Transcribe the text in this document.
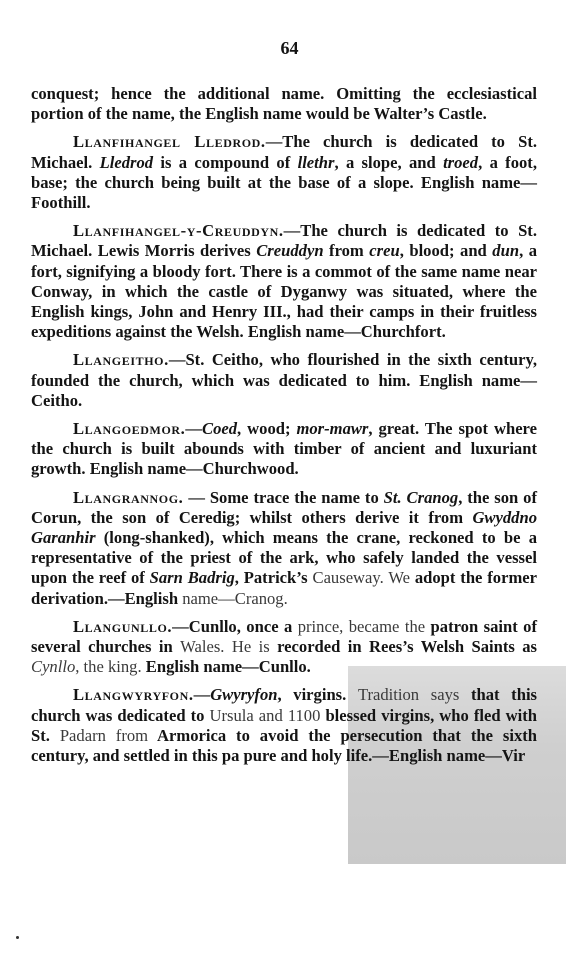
64

conquest; hence the additional name. Omitting the ecclesiastical portion of the name, the English name would be Walter’s Castle.

Llanfihangel Lledrod.—The church is dedicated to St. Michael. Lledrod is a compound of llethr, a slope, and troed, a foot, base; the church being built at the base of a slope. English name—Foothill.

Llanfihangel-y-Creuddyn.—The church is dedicated to St. Michael. Lewis Morris derives Creuddyn from creu, blood; and dun, a fort, signifying a bloody fort. There is a commot of the same name near Conway, in which the castle of Dyganwy was situated, where the English kings, John and Henry III., had their camps in their fruitless expeditions against the Welsh. English name—Churchfort.

Llangeitho.—St. Ceitho, who flourished in the sixth century, founded the church, which was dedicated to him. English name—Ceitho.

Llangoedmor.—Coed, wood; mor-mawr, great. The spot where the church is built abounds with timber of ancient and luxuriant growth. English name—Churchwood.

Llangrannog. — Some trace the name to St. Cranog, the son of Corun, the son of Ceredig; whilst others derive it from Gwyddno Garanhir (long-shanked), which means the crane, reckoned to be a representative of the priest of the ark, who safely landed the vessel upon the reef of Sarn Badrig, Patrick’s Causeway. We adopt the former derivation.—English name—Cranog.

Llangunllo.—Cunllo, once a prince, became the patron saint of several churches in Wales. He is recorded in Rees’s Welsh Saints as Cynllo, the king. English name—Cunllo.

Llangwyryfon.—Gwyryfon, virgins. Tradition says that this church was dedicated to Ursula and 1100 blessed virgins, who fled with St. Padarn from Armorica to avoid the persecution that the sixth century, and settled in this pa pure and holy life.—English name—Vir
